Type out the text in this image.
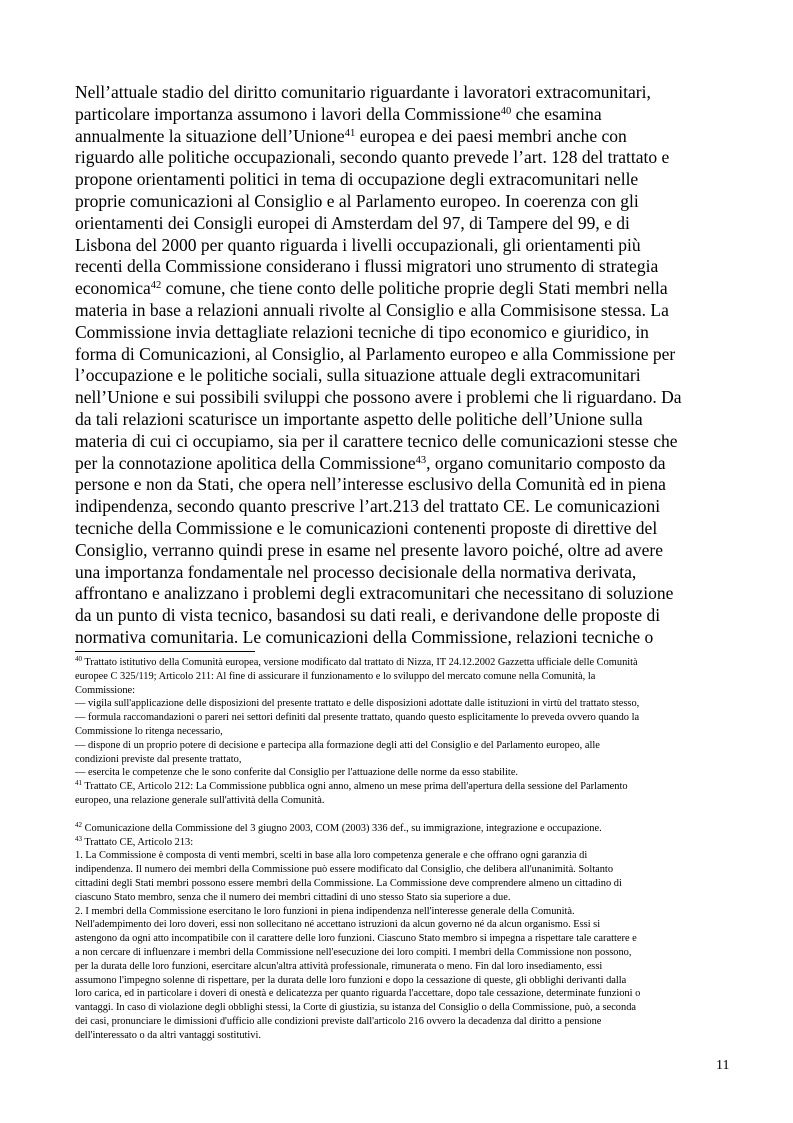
Nell’attuale stadio del diritto comunitario riguardante i lavoratori extracomunitari,
particolare importanza assumono i lavori della Commissione$^{40}$ che esamina
annualmente la situazione dell’Unione$^{41}$ europea e dei paesi membri anche con
riguardo alle politiche occupazionali, secondo quanto prevede l’art. 128 del trattato e
propone orientamenti politici in tema di occupazione degli extracomunitari nelle
proprie comunicazioni al Consiglio e al Parlamento europeo. In coerenza con gli
orientamenti dei Consigli europei di Amsterdam del 97, di Tampere del 99, e di
Lisbona del 2000 per quanto riguarda i livelli occupazionali, gli orientamenti più
recenti della Commissione considerano i flussi migratori uno strumento di strategia
economica$^{42}$ comune, che tiene conto delle politiche proprie degli Stati membri nella
materia in base a relazioni annuali rivolte al Consiglio e alla Commisisone stessa. La
Commissione invia dettagliate relazioni tecniche di tipo economico e giuridico, in
forma di Comunicazioni, al Consiglio, al Parlamento europeo e alla Commissione per
l’occupazione e le politiche sociali, sulla situazione attuale degli extracomunitari
nell’Unione e sui possibili sviluppi che possono avere i problemi che li riguardano. Da
da tali relazioni scaturisce un importante aspetto delle politiche dell’Unione sulla
materia di cui ci occupiamo, sia per il carattere tecnico delle comunicazioni stesse che
per la connotazione apolitica della Commissione$^{43}$, organo comunitario composto da
persone e non da Stati, che opera nell’interesse esclusivo della Comunità ed in piena
indipendenza, secondo quanto prescrive l’art.213 del trattato CE. Le comunicazioni
tecniche della Commissione e le comunicazioni contenenti proposte di direttive del
Consiglio, verranno quindi prese in esame nel presente lavoro poiché, oltre ad avere
una importanza fondamentale nel processo decisionale della normativa derivata,
affrontano e analizzano i problemi degli extracomunitari che necessitano di soluzione
da un punto di vista tecnico, basandosi su dati reali, e derivandone delle proposte di
normativa comunitaria. Le comunicazioni della Commissione, relazioni tecniche o
$^{40}$ Trattato istitutivo della Comunità europea, versione modificato dal trattato di Nizza, IT 24.12.2002 Gazzetta ufficiale delle Comunità
europee C 325/119; Articolo 211: Al fine di assicurare il funzionamento e lo sviluppo del mercato comune nella Comunità, la
Commissione:
— vigila sull'applicazione delle disposizioni del presente trattato e delle disposizioni adottate dalle istituzioni in virtù del trattato stesso,
— formula raccomandazioni o pareri nei settori definiti dal presente trattato, quando questo esplicitamente lo preveda ovvero quando la
Commissione lo ritenga necessario,
— dispone di un proprio potere di decisione e partecipa alla formazione degli atti del Consiglio e del Parlamento europeo, alle
condizioni previste dal presente trattato,
— esercita le competenze che le sono conferite dal Consiglio per l'attuazione delle norme da esso stabilite.
$^{41}$ Trattato CE, Articolo 212: La Commissione pubblica ogni anno, almeno un mese prima dell'apertura della sessione del Parlamento
europeo, una relazione generale sull'attività della Comunità.
$^{42}$ Comunicazione della Commissione del 3 giugno 2003, COM (2003) 336 def., su immigrazione, integrazione e occupazione.
$^{43}$ Trattato CE, Articolo 213:
1. La Commissione è composta di venti membri, scelti in base alla loro competenza generale e che offrano ogni garanzia di
indipendenza. Il numero dei membri della Commissione può essere modificato dal Consiglio, che delibera all'unanimità. Soltanto
cittadini degli Stati membri possono essere membri della Commissione. La Commissione deve comprendere almeno un cittadino di
ciascuno Stato membro, senza che il numero dei membri cittadini di uno stesso Stato sia superiore a due.
2. I membri della Commissione esercitano le loro funzioni in piena indipendenza nell'interesse generale della Comunità.
Nell'adempimento dei loro doveri, essi non sollecitano né accettano istruzioni da alcun governo né da alcun organismo. Essi si
astengono da ogni atto incompatibile con il carattere delle loro funzioni. Ciascuno Stato membro si impegna a rispettare tale carattere e
a non cercare di influenzare i membri della Commissione nell'esecuzione dei loro compiti. I membri della Commissione non possono,
per la durata delle loro funzioni, esercitare alcun'altra attività professionale, rimunerata o meno. Fin dal loro insediamento, essi
assumono l'impegno solenne di rispettare, per la durata delle loro funzioni e dopo la cessazione di queste, gli obblighi derivanti dalla
loro carica, ed in particolare i doveri di onestà e delicatezza per quanto riguarda l'accettare, dopo tale cessazione, determinate funzioni o
vantaggi. In caso di violazione degli obblighi stessi, la Corte di giustizia, su istanza del Consiglio o della Commissione, può, a seconda
dei casi, pronunciare le dimissioni d'ufficio alle condizioni previste dall'articolo 216 ovvero la decadenza dal diritto a pensione
dell'interessato o da altri vantaggi sostitutivi.
11
